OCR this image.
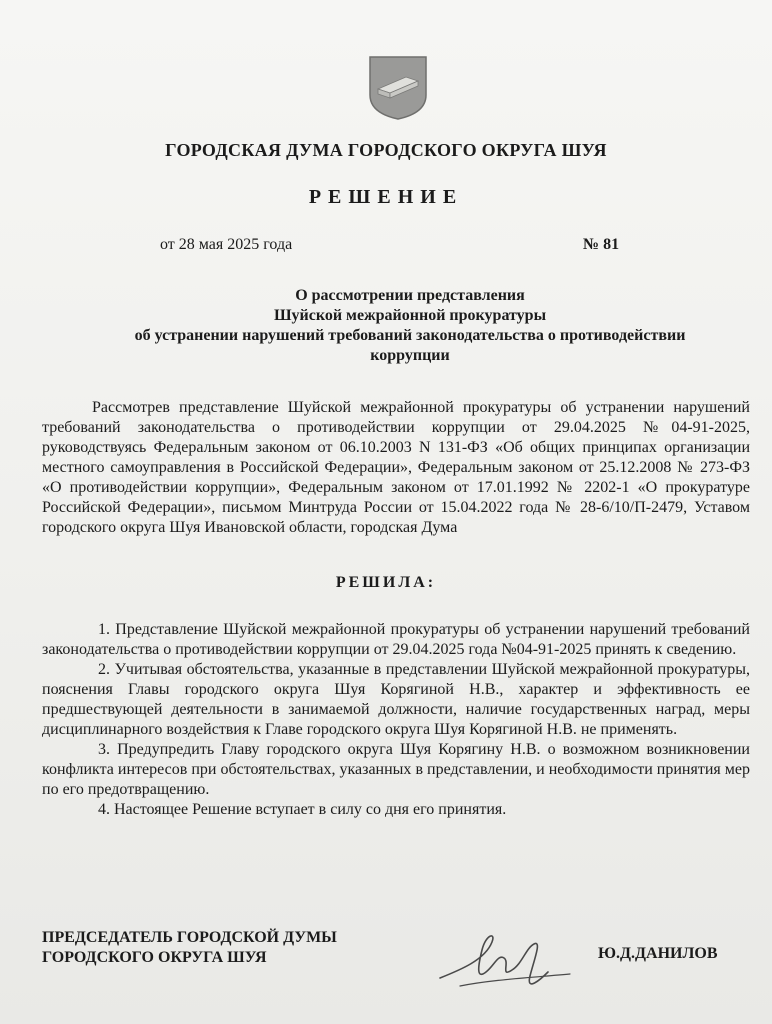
ГОРОДСКАЯ ДУМА ГОРОДСКОГО ОКРУГА ШУЯ
РЕШЕНИЕ
от 28 мая 2025 года	№ 81
О рассмотрении представления
Шуйской межрайонной прокуратуры
об устранении нарушений требований законодательства о противодействии
коррупции
Рассмотрев представление Шуйской межрайонной прокуратуры об устранении нарушений требований законодательства о противодействии коррупции от 29.04.2025 №04-91-2025, руководствуясь Федеральным законом от 06.10.2003 N 131-ФЗ «Об общих принципах организации местного самоуправления в Российской Федерации», Федеральным законом от 25.12.2008 № 273-ФЗ «О противодействии коррупции», Федеральным законом от 17.01.1992 № 2202-1 «О прокуратуре Российской Федерации», письмом Минтруда России от 15.04.2022 года № 28-6/10/П-2479, Уставом городского округа Шуя Ивановской области, городская Дума
РЕШИЛА:

1. Представление Шуйской межрайонной прокуратуры об устранении нарушений требований законодательства о противодействии коррупции от 29.04.2025 года №04-91-2025 принять к сведению.

2. Учитывая обстоятельства, указанные в представлении Шуйской межрайонной прокуратуры, пояснения Главы городского округа Шуя Корягиной Н.В., характер и эффективность ее предшествующей деятельности в занимаемой должности, наличие государственных наград, меры дисциплинарного воздействия к Главе городского округа Шуя Корягиной Н.В. не применять.

3. Предупредить Главу городского округа Шуя Корягину Н.В. о возможном возникновении конфликта интересов при обстоятельствах, указанных в представлении, и необходимости принятия мер по его предотвращению.

4. Настоящее Решение вступает в силу со дня его принятия.

ПРЕДСЕДАТЕЛЬ ГОРОДСКОЙ ДУМЫ
ГОРОДСКОГО ОКРУГА ШУЯ	Ю.Д.ДАНИЛОВ
